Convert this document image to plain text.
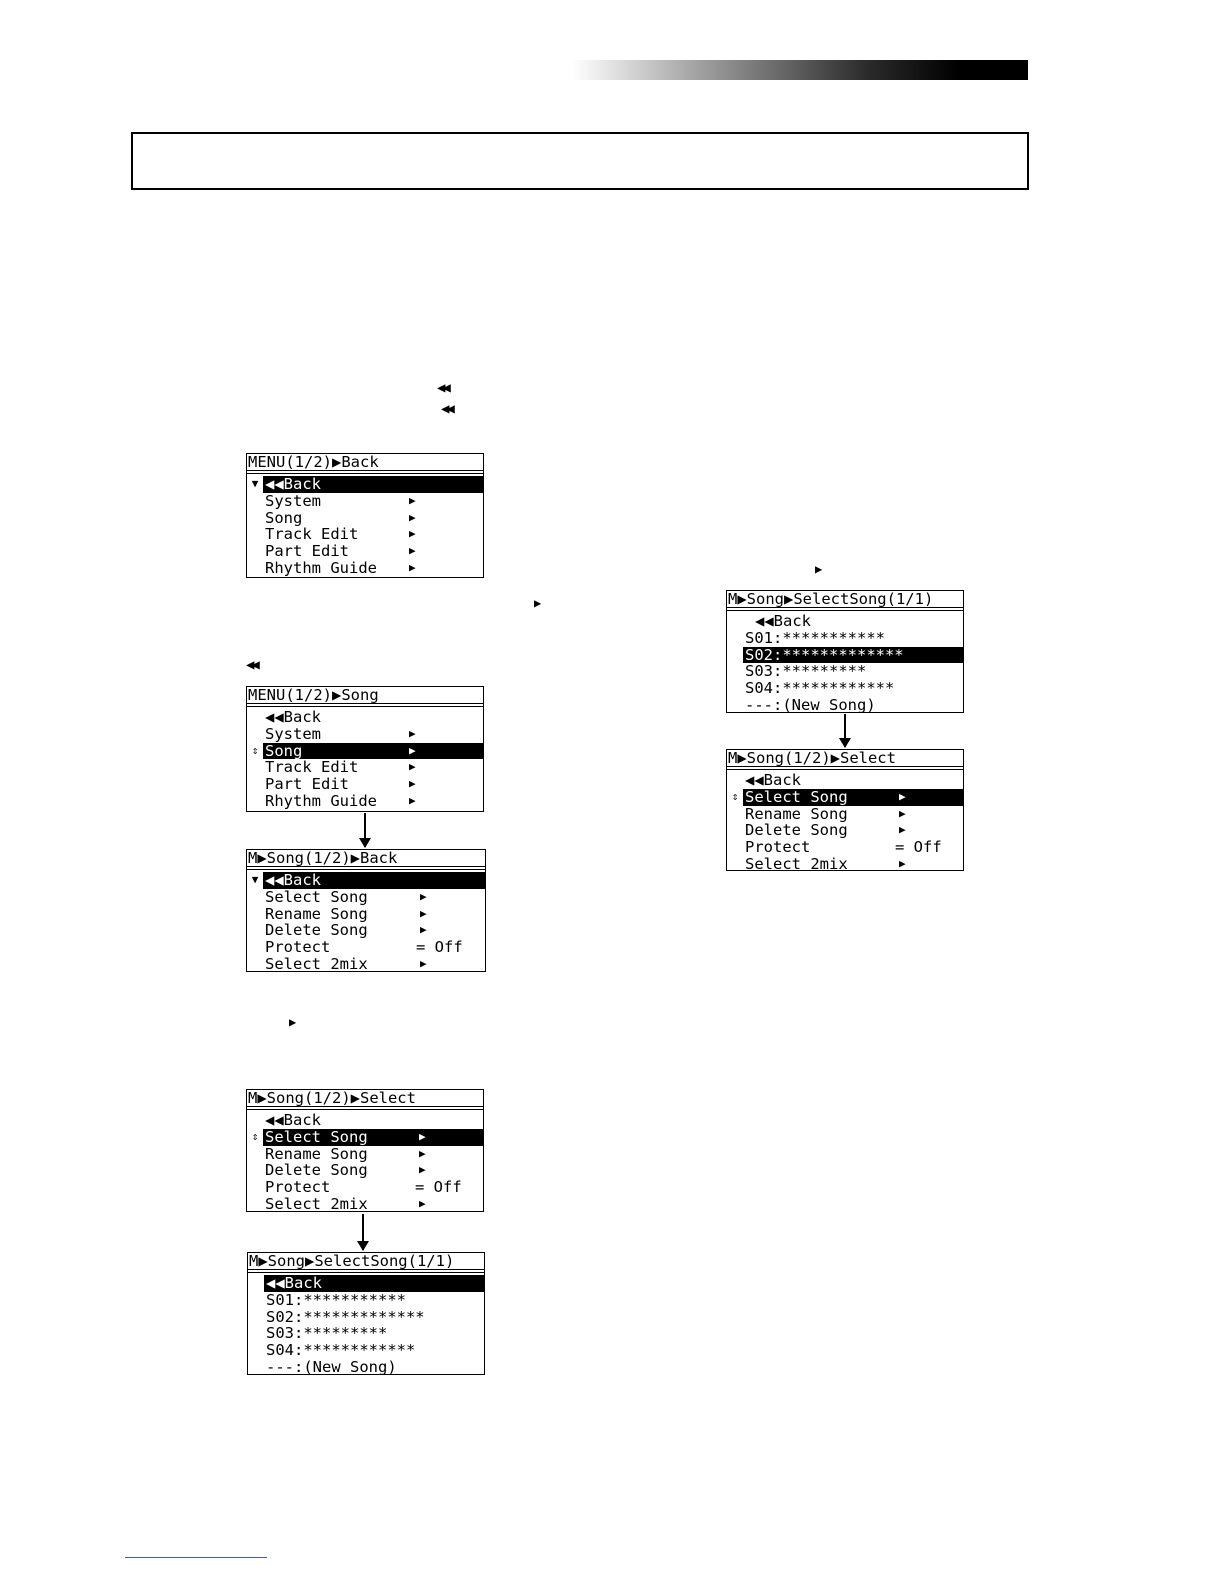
◀◀
◀◀
▶
◀◀
▶
▶
MENU(1/2)▶Back

▼

◀◀Back

System

	▶

Song

	▶

Track Edit

	▶

Part Edit

	▶

Rhythm Guide

	▶

MENU(1/2)▶Song

◀◀Back

System

	▶

⇕

Song

	▶

Track Edit

	▶

Part Edit

	▶

Rhythm Guide

	▶

M▶Song(1/2)▶Back

▼

◀◀Back

Select Song

	▶

Rename Song

	▶

Delete Song

	▶

Protect

	= Off

Select 2mix

	▶

M▶Song(1/2)▶Select

◀◀Back

⇕

Select Song

	▶

Rename Song

	▶

Delete Song

	▶

Protect

	= Off

Select 2mix

	▶

M▶Song▶SelectSong(1/1)

◀◀Back

S01:***********

S02:*************

S03:*********

S04:************

---:(New Song)

M▶Song▶SelectSong(1/1)

◀◀Back

S01:***********

S02:*************

S03:*********

S04:************

---:(New Song)

M▶Song(1/2)▶Select

◀◀Back

⇕

Select Song

	▶

Rename Song

	▶

Delete Song

	▶

Protect

	= Off

Select 2mix

	▶
